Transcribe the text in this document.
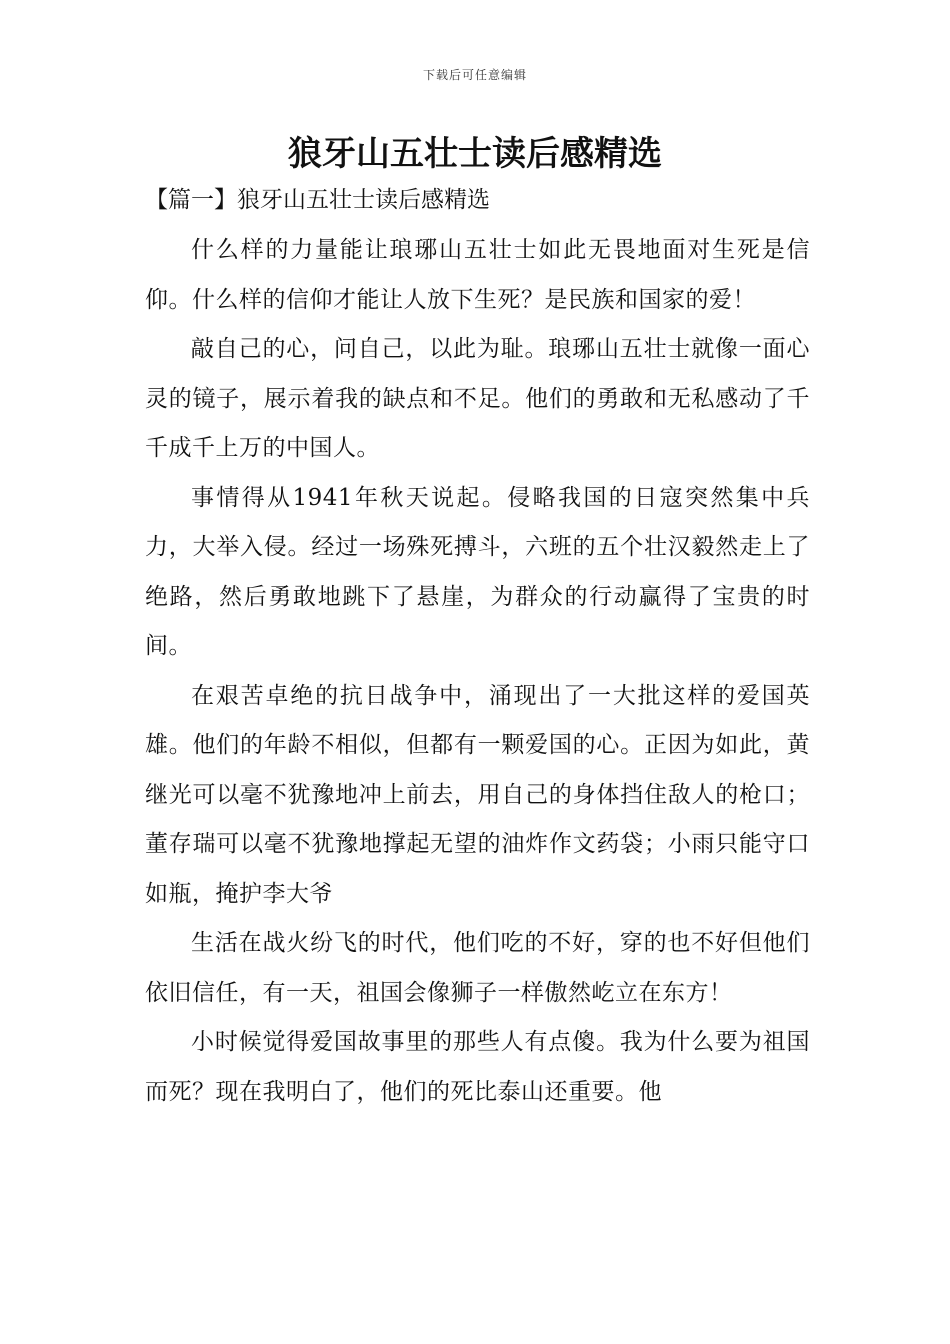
下载后可任意编辑
狼牙山五壮士读后感精选
【篇一】狼牙山五壮士读后感精选

什么样的力量能让琅琊山五壮士如此无畏地面对生死是信仰。什么样的信仰才能让人放下生死？是民族和国家的爱！

敲自己的心，问自己，以此为耻。琅琊山五壮士就像一面心灵的镜子，展示着我的缺点和不足。他们的勇敢和无私感动了千千成千上万的中国人。

事情得从1941年秋天说起。侵略我国的日寇突然集中兵力，大举入侵。经过一场殊死搏斗，六班的五个壮汉毅然走上了绝路，然后勇敢地跳下了悬崖，为群众的行动赢得了宝贵的时间。

在艰苦卓绝的抗日战争中，涌现出了一大批这样的爱国英雄。他们的年龄不相似，但都有一颗爱国的心。正因为如此，黄继光可以毫不犹豫地冲上前去，用自己的身体挡住敌人的枪口；董存瑞可以毫不犹豫地撑起无望的油炸作文药袋；小雨只能守口如瓶，掩护李大爷

生活在战火纷飞的时代，他们吃的不好，穿的也不好但他们依旧信任，有一天，祖国会像狮子一样傲然屹立在东方！

小时候觉得爱国故事里的那些人有点傻。我为什么要为祖国而死？现在我明白了，他们的死比泰山还重要。他
